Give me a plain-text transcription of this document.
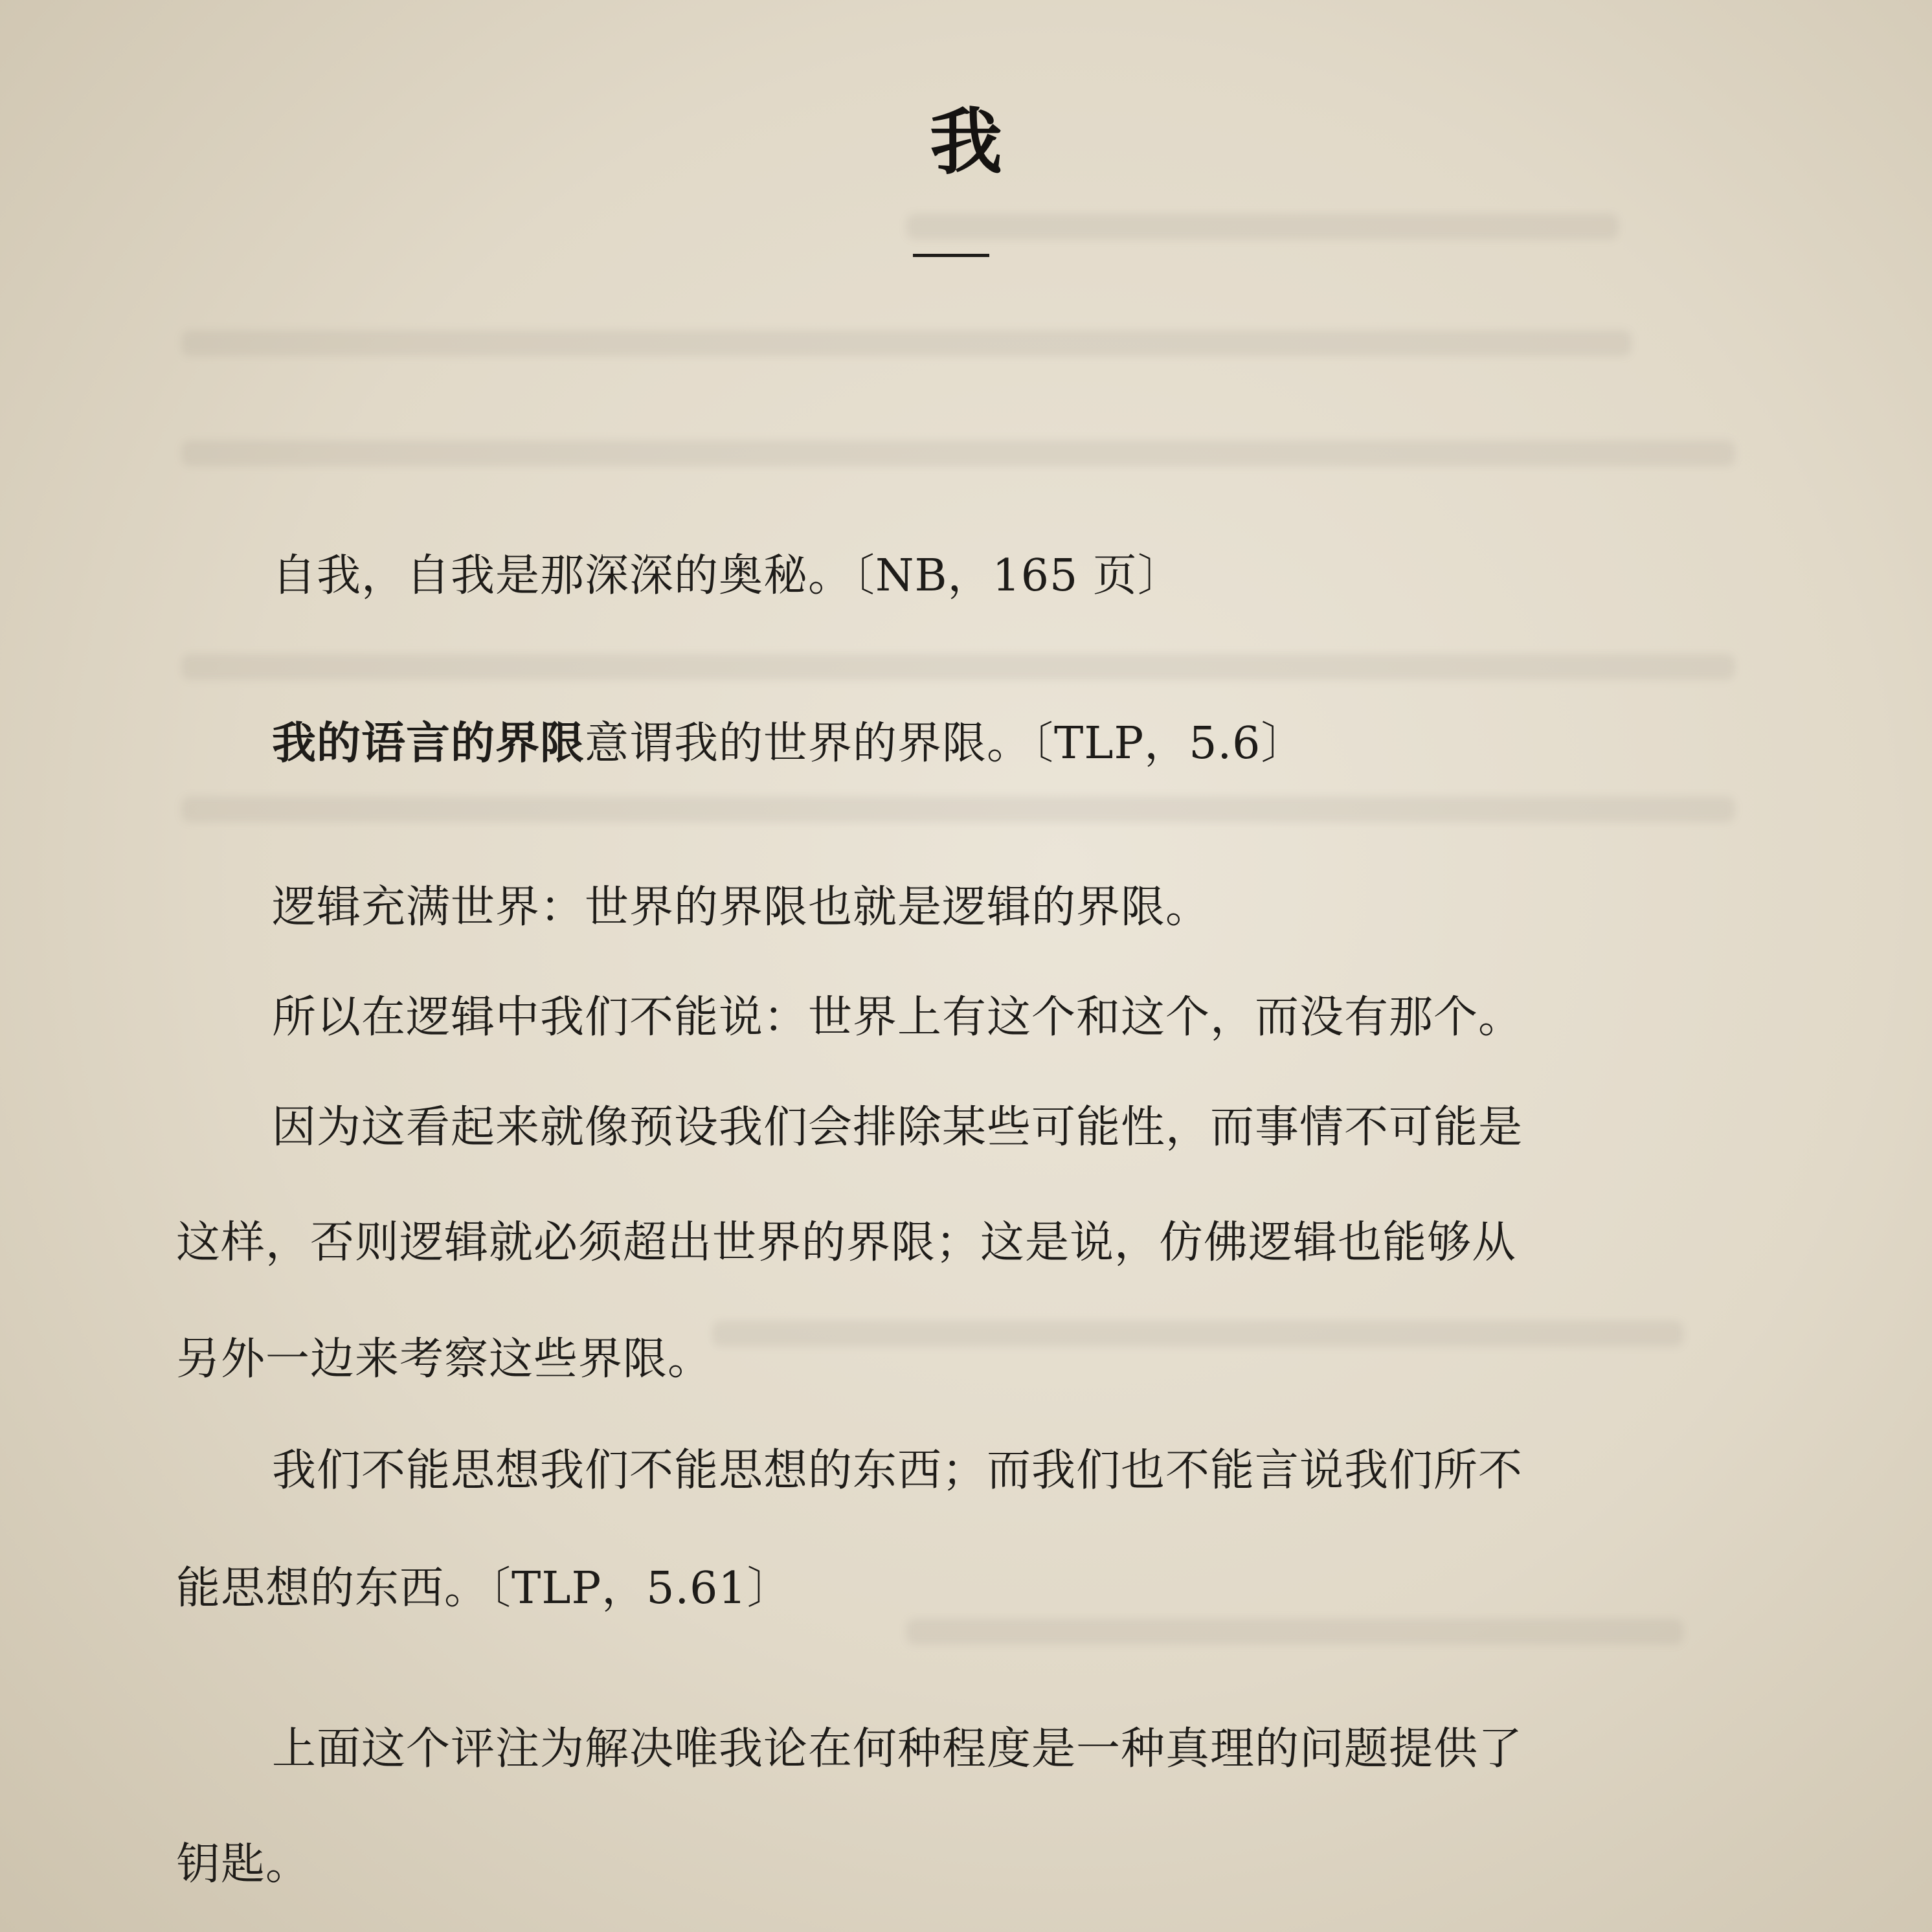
我
自我，自我是那深深的奥秘。〔NB，165 页〕
我的语言的界限意谓我的世界的界限。〔TLP，5.6〕
逻辑充满世界：世界的界限也就是逻辑的界限。
所以在逻辑中我们不能说：世界上有这个和这个，而没有那个。
因为这看起来就像预设我们会排除某些可能性，而事情不可能是
这样，否则逻辑就必须超出世界的界限；这是说，仿佛逻辑也能够从
另外一边来考察这些界限。
我们不能思想我们不能思想的东西；而我们也不能言说我们所不
能思想的东西。〔TLP，5.61〕
上面这个评注为解决唯我论在何种程度是一种真理的问题提供了
钥匙。
